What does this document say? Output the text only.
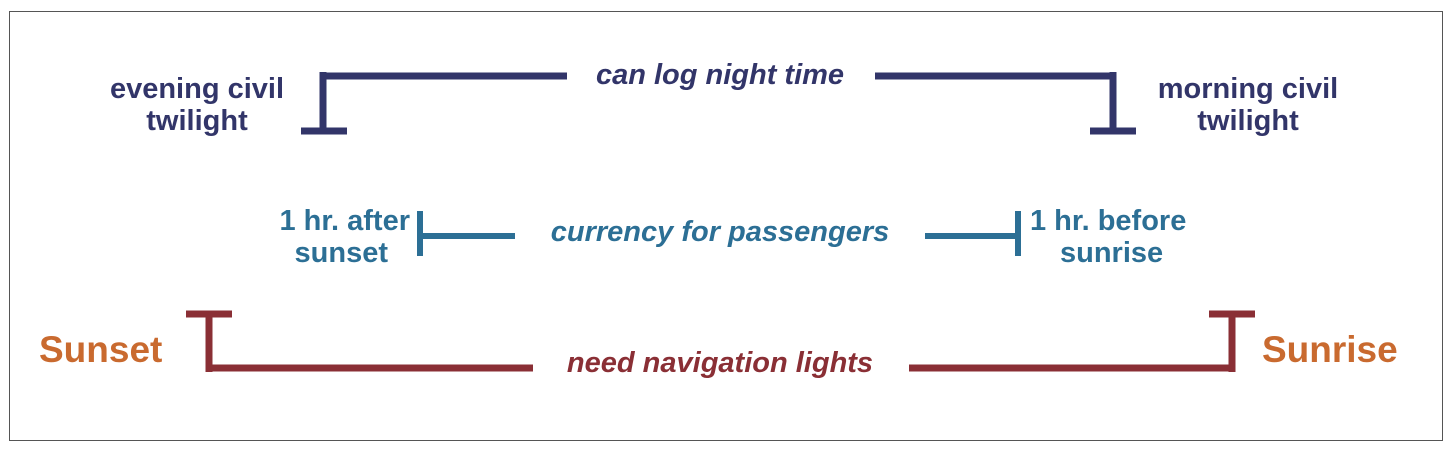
evening civil
twilight
morning civil
twilight
can log night time
1 hr. after
sunset
1 hr. before
sunrise
currency for passengers
Sunset	Sunrise
need navigation lights
